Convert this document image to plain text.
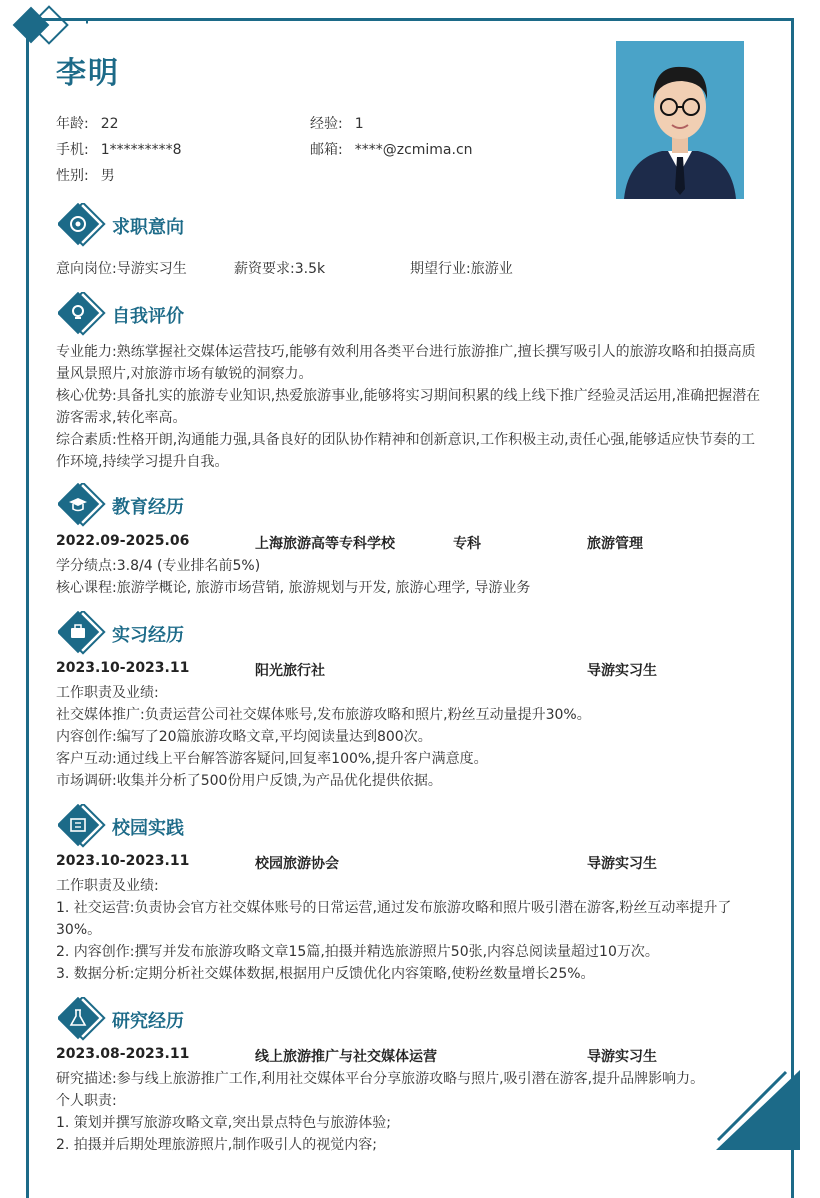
李明
年龄: 22	经验: 1
手机: 1*********8	邮箱: ****@zcmima.cn
性别: 男
求职意向
意向岗位:导游实习生	薪资要求:3.5k	期望行业:旅游业
自我评价
专业能力:熟练掌握社交媒体运营技巧,能够有效利用各类平台进行旅游推广,擅长撰写吸引人的旅游攻略和拍摄高质量风景照片,对旅游市场有敏锐的洞察力。
核心优势:具备扎实的旅游专业知识,热爱旅游事业,能够将实习期间积累的线上线下推广经验灵活运用,准确把握潜在游客需求,转化率高。
综合素质:性格开朗,沟通能力强,具备良好的团队协作精神和创新意识,工作积极主动,责任心强,能够适应快节奏的工作环境,持续学习提升自我。
教育经历
2022.09-2025.06	上海旅游高等专科学校	专科	旅游管理
学分绩点:3.8/4 (专业排名前5%)
核心课程:旅游学概论, 旅游市场营销, 旅游规划与开发, 旅游心理学, 导游业务
实习经历
2023.10-2023.11	阳光旅行社	导游实习生
工作职责及业绩:
社交媒体推广:负责运营公司社交媒体账号,发布旅游攻略和照片,粉丝互动量提升30%。
内容创作:编写了20篇旅游攻略文章,平均阅读量达到800次。
客户互动:通过线上平台解答游客疑问,回复率100%,提升客户满意度。
市场调研:收集并分析了500份用户反馈,为产品优化提供依据。
校园实践
2023.10-2023.11	校园旅游协会	导游实习生
工作职责及业绩:
1. 社交运营:负责协会官方社交媒体账号的日常运营,通过发布旅游攻略和照片吸引潜在游客,粉丝互动率提升了30%。
2. 内容创作:撰写并发布旅游攻略文章15篇,拍摄并精选旅游照片50张,内容总阅读量超过10万次。
3. 数据分析:定期分析社交媒体数据,根据用户反馈优化内容策略,使粉丝数量增长25%。
研究经历
2023.08-2023.11	线上旅游推广与社交媒体运营	导游实习生
研究描述:参与线上旅游推广工作,利用社交媒体平台分享旅游攻略与照片,吸引潜在游客,提升品牌影响力。
个人职责:
1. 策划并撰写旅游攻略文章,突出景点特色与旅游体验;
2. 拍摄并后期处理旅游照片,制作吸引人的视觉内容;
